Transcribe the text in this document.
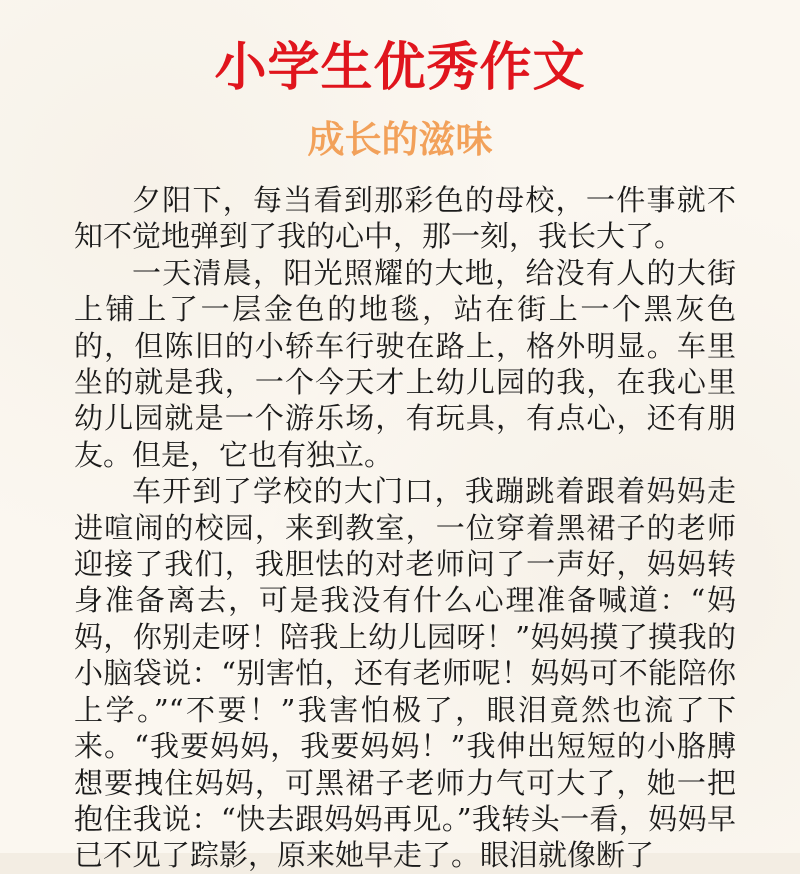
小学生优秀作文
成长的滋味

夕阳下，每当看到那彩色的母校，一件事就不知不觉地弹到了我的心中，那一刻，我长大了。

一天清晨，阳光照耀的大地，给没有人的大街上铺上了一层金色的地毯，站在街上一个黑灰色的，但陈旧的小轿车行驶在路上，格外明显。车里坐的就是我，一个今天才上幼儿园的我，在我心里幼儿园就是一个游乐场，有玩具，有点心，还有朋友。但是，它也有独立。

车开到了学校的大门口，我蹦跳着跟着妈妈走进喧闹的校园，来到教室，一位穿着黑裙子的老师迎接了我们，我胆怯的对老师问了一声好，妈妈转身准备离去，可是我没有什么心理准备喊道：“妈妈，你别走呀！陪我上幼儿园呀！”妈妈摸了摸我的小脑袋说：“别害怕，还有老师呢！妈妈可不能陪你上学。”“不要！”我害怕极了，眼泪竟然也流了下来。“我要妈妈，我要妈妈！”我伸出短短的小胳膊想要拽住妈妈，可黑裙子老师力气可大了，她一把抱住我说：“快去跟妈妈再见。”我转头一看，妈妈早已不见了踪影，原来她早走了。眼泪就像断了
